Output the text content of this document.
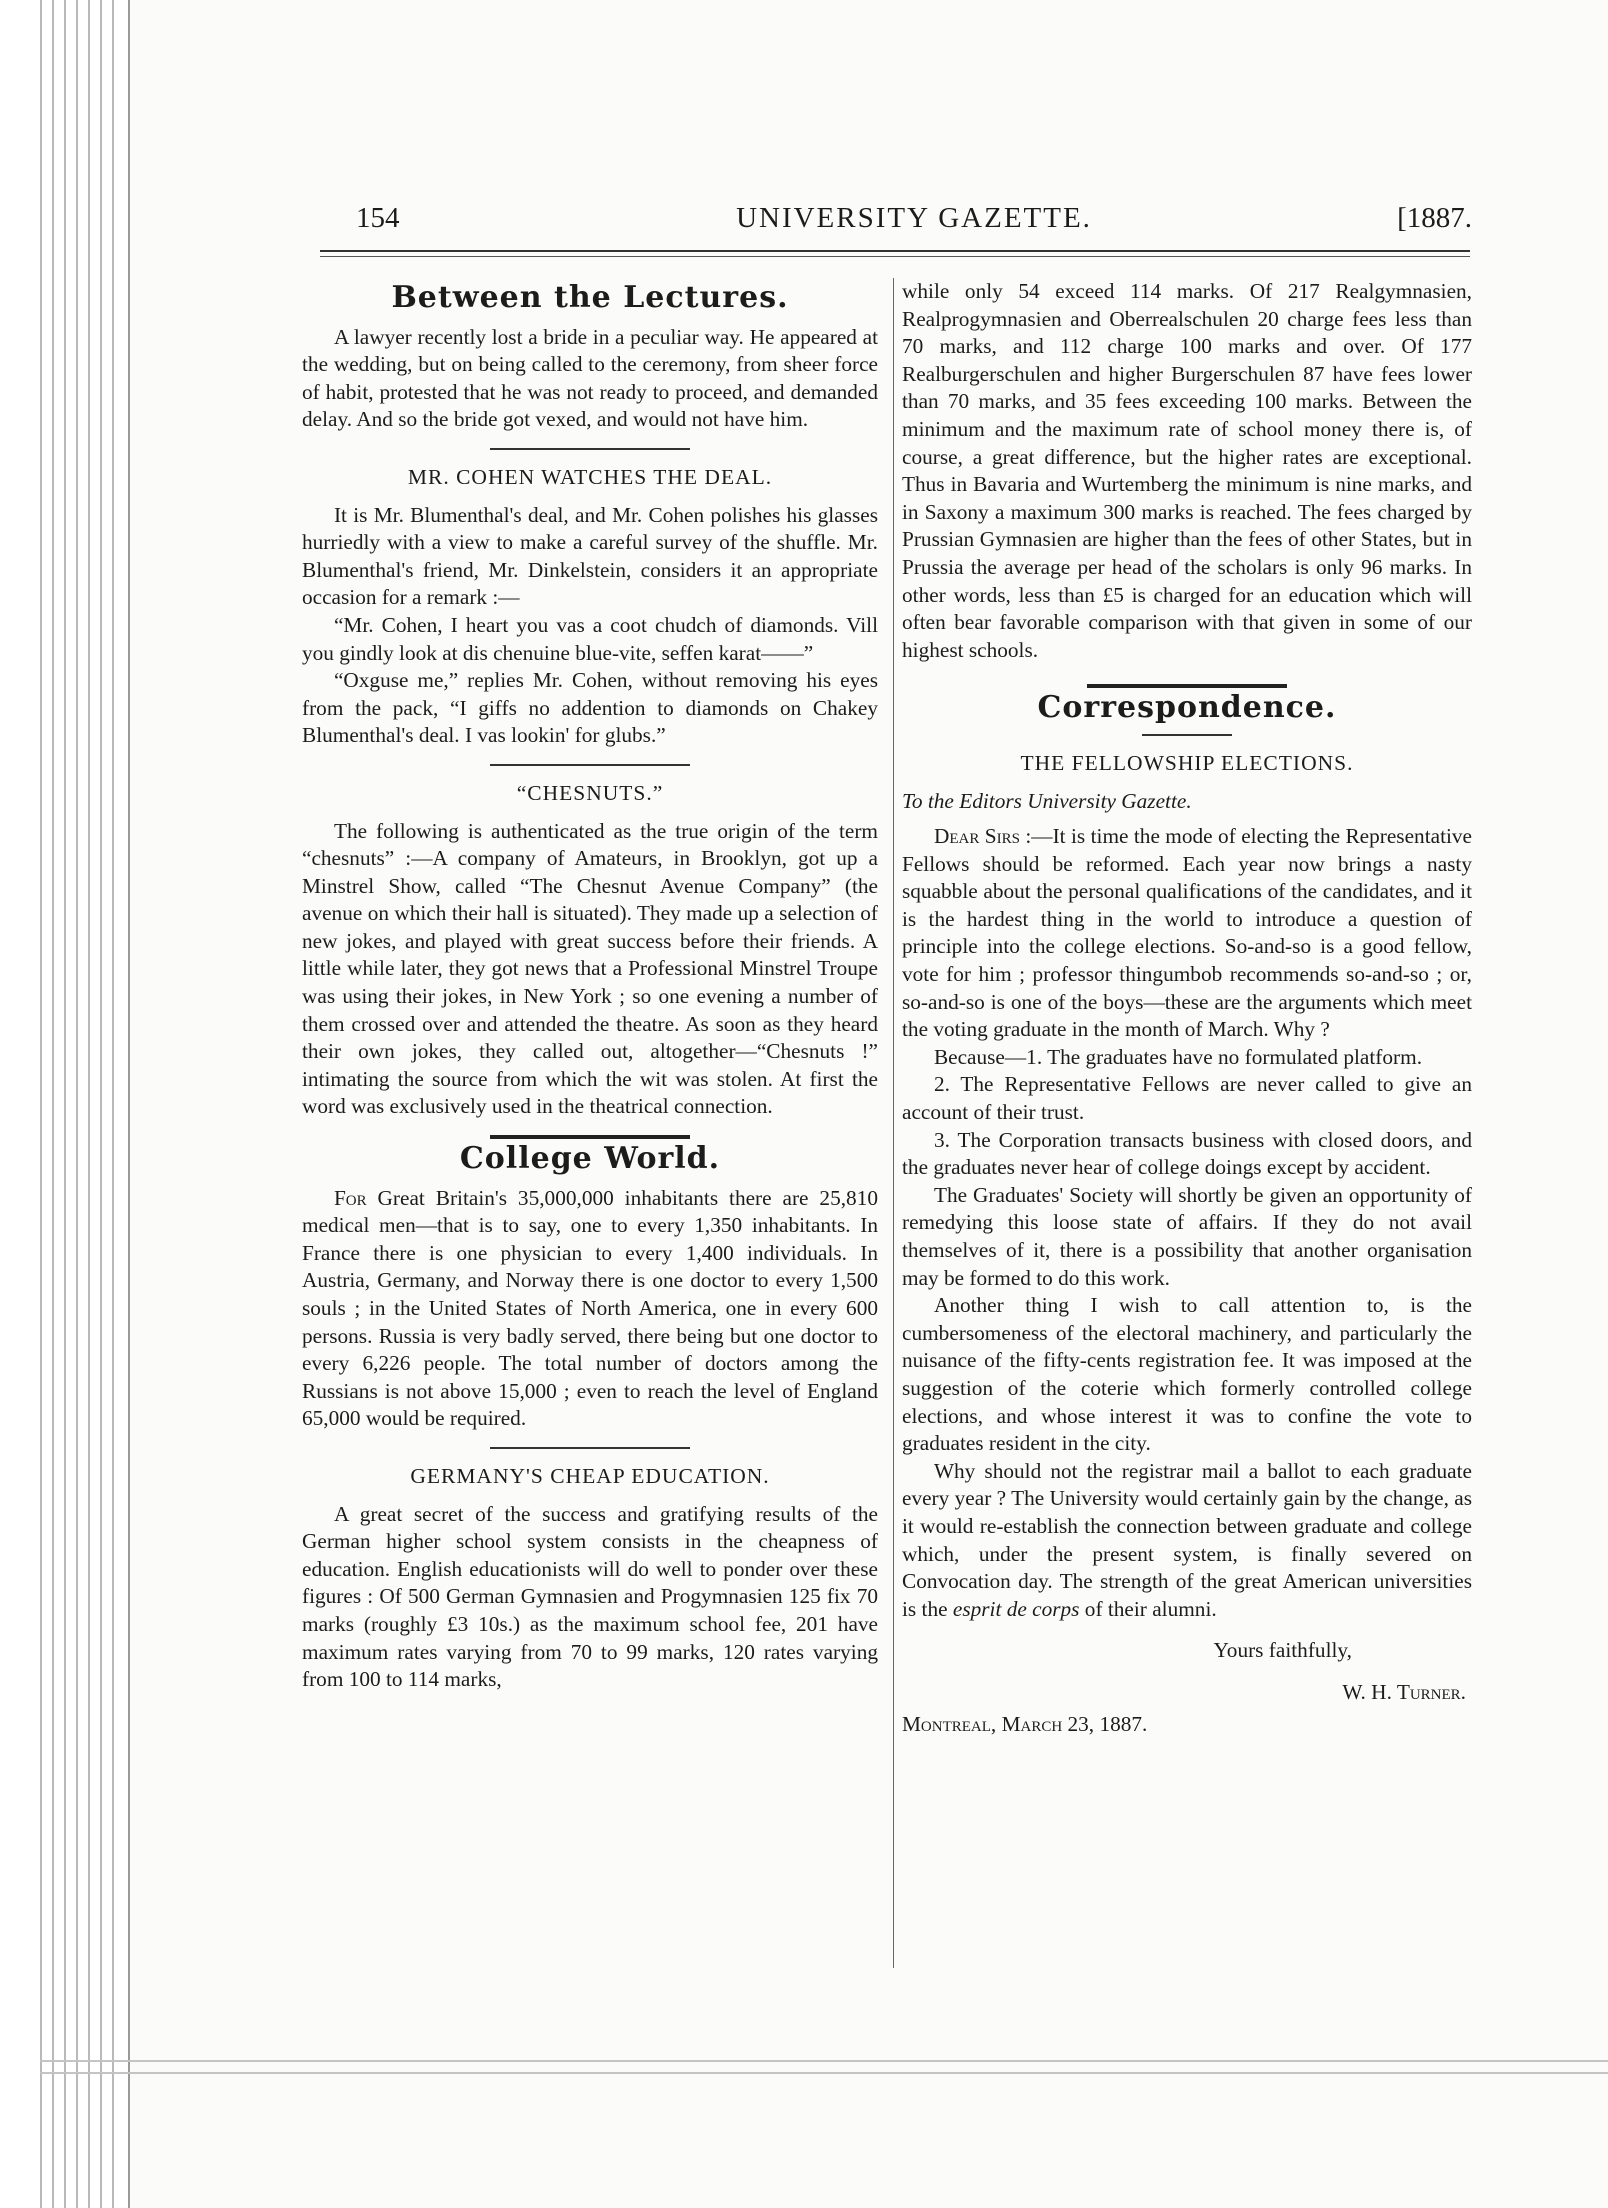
154	UNIVERSITY GAZETTE.	[1887.
Between the Lectures.

A lawyer recently lost a bride in a peculiar way. He appeared at the wedding, but on being called to the ceremony, from sheer force of habit, protested that he was not ready to proceed, and demanded delay. And so the bride got vexed, and would not have him.

MR. COHEN WATCHES THE DEAL.

It is Mr. Blumenthal's deal, and Mr. Cohen polishes his glasses hurriedly with a view to make a careful survey of the shuffle. Mr. Blumenthal's friend, Mr. Dinkelstein, considers it an appropriate occasion for a remark :—

“Mr. Cohen, I heart you vas a coot chudch of diamonds. Vill you gindly look at dis chenuine blue-vite, seffen karat——”

“Oxguse me,” replies Mr. Cohen, without removing his eyes from the pack, “I giffs no addention to diamonds on Chakey Blumenthal's deal. I vas lookin' for glubs.”

“CHESNUTS.”

The following is authenticated as the true origin of the term “chesnuts” :—A company of Amateurs, in Brooklyn, got up a Minstrel Show, called “The Chesnut Avenue Company” (the avenue on which their hall is situated). They made up a selection of new jokes, and played with great success before their friends. A little while later, they got news that a Professional Minstrel Troupe was using their jokes, in New York ; so one evening a number of them crossed over and attended the theatre. As soon as they heard their own jokes, they called out, altogether—“Chesnuts !” intimating the source from which the wit was stolen. At first the word was exclusively used in the theatrical connection.

College World.

For Great Britain's 35,000,000 inhabitants there are 25,810 medical men—that is to say, one to every 1,350 inhabitants. In France there is one physician to every 1,400 individuals. In Austria, Germany, and Norway there is one doctor to every 1,500 souls ; in the United States of North America, one in every 600 persons. Russia is very badly served, there being but one doctor to every 6,226 people. The total number of doctors among the Russians is not above 15,000 ; even to reach the level of England 65,000 would be required.

GERMANY'S CHEAP EDUCATION.

A great secret of the success and gratifying results of the German higher school system consists in the cheapness of education. English educationists will do well to ponder over these figures : Of 500 German Gymnasien and Progymnasien 125 fix 70 marks (roughly £3 10s.) as the maximum school fee, 201 have maximum rates varying from 70 to 99 marks, 120 rates varying from 100 to 114 marks,

while only 54 exceed 114 marks. Of 217 Realgymnasien, Realprogymnasien and Oberrealschulen 20 charge fees less than 70 marks, and 112 charge 100 marks and over. Of 177 Realburgerschulen and higher Burgerschulen 87 have fees lower than 70 marks, and 35 fees exceeding 100 marks. Between the minimum and the maximum rate of school money there is, of course, a great difference, but the higher rates are exceptional. Thus in Bavaria and Wurtemberg the minimum is nine marks, and in Saxony a maximum 300 marks is reached. The fees charged by Prussian Gymnasien are higher than the fees of other States, but in Prussia the average per head of the scholars is only 96 marks. In other words, less than £5 is charged for an education which will often bear favorable comparison with that given in some of our highest schools.

Correspondence.
THE FELLOWSHIP ELECTIONS.

To the Editors University Gazette.

Dear Sirs :—It is time the mode of electing the Representative Fellows should be reformed. Each year now brings a nasty squabble about the personal qualifications of the candidates, and it is the hardest thing in the world to introduce a question of principle into the college elections. So-and-so is a good fellow, vote for him ; professor thingumbob recommends so-and-so ; or, so-and-so is one of the boys—these are the arguments which meet the voting graduate in the month of March. Why ?

Because—1. The graduates have no formulated platform.

2. The Representative Fellows are never called to give an account of their trust.

3. The Corporation transacts business with closed doors, and the graduates never hear of college doings except by accident.

The Graduates' Society will shortly be given an opportunity of remedying this loose state of affairs. If they do not avail themselves of it, there is a possibility that another organisation may be formed to do this work.

Another thing I wish to call attention to, is the cumbersomeness of the electoral machinery, and particularly the nuisance of the fifty-cents registration fee. It was imposed at the suggestion of the coterie which formerly controlled college elections, and whose interest it was to confine the vote to graduates resident in the city.

Why should not the registrar mail a ballot to each graduate every year ? The University would certainly gain by the change, as it would re-establish the connection between graduate and college which, under the present system, is finally severed on Convocation day. The strength of the great American universities is the esprit de corps of their alumni.

Yours faithfully,

W. H. Turner.

Montreal, March 23, 1887.
